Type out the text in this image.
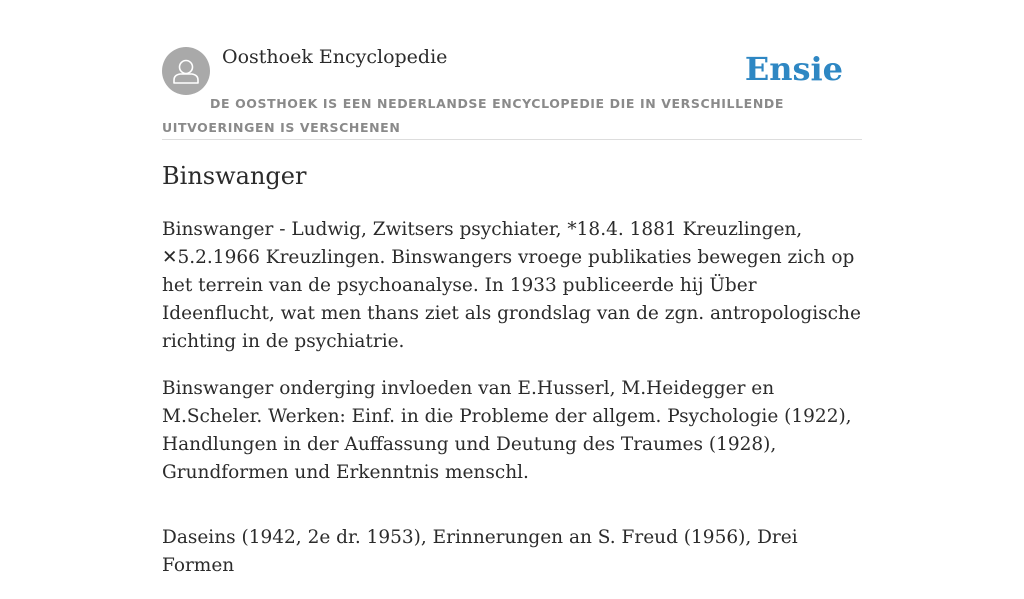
Oosthoek Encyclopedie	Ensie
DE OOSTHOEK IS EEN NEDERLANDSE ENCYCLOPEDIE DIE IN VERSCHILLENDE UITVOERINGEN IS VERSCHENEN
Binswanger

Binswanger - Ludwig, Zwitsers psychiater, *18.4. 1881 Kreuzlingen, ✕5.2.1966 Kreuzlingen. Binswangers vroege publikaties bewegen zich op het terrein van de psychoanalyse. In 1933 publiceerde hij Über Ideenflucht, wat men thans ziet als grondslag van de zgn. antropologische richting in de psychiatrie.

Binswanger onderging invloeden van E.Husserl, M.Heidegger en M.Scheler. Werken: Einf. in die Probleme der allgem. Psychologie (1922), Handlungen in der Auffassung und Deutung des Traumes (1928), Grundformen und Erkenntnis menschl.

Daseins (1942, 2e dr. 1953), Erinnerungen an S. Freud (1956), Drei Formen
